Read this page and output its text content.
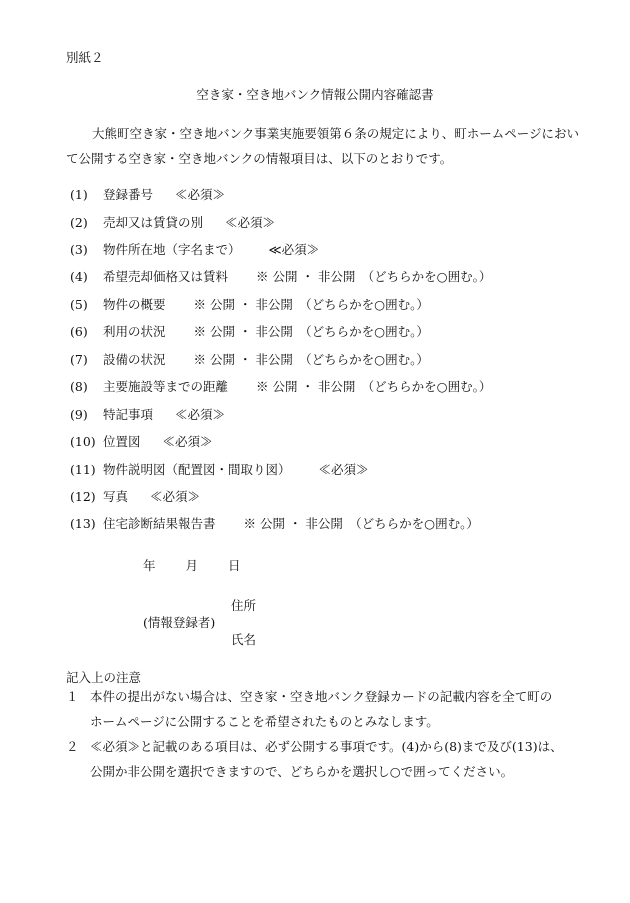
別紙２
空き家・空き地バンク情報公開内容確認書
大熊町空き家・空き地バンク事業実施要領第６条の規定により、町ホームページにおいて公開する空き家・空き地バンクの情報項目は、以下のとおりです。
(1) 登録番号 ≪必須≫
(2) 売却又は賃貸の別 ≪必須≫
(3) 物件所在地（字名まで） ≪必須≫
(4) 希望売却価格又は賃料 ※ 公開 ・ 非公開　（どちらかを○囲む。）
(5) 物件の概要 ※ 公開 ・ 非公開　（どちらかを○囲む。）
(6) 利用の状況 ※ 公開 ・ 非公開　（どちらかを○囲む。）
(7) 設備の状況 ※ 公開 ・ 非公開　（どちらかを○囲む。）
(8) 主要施設等までの距離 ※ 公開 ・ 非公開　（どちらかを○囲む。）
(9) 特記事項 ≪必須≫
(10) 位置図 ≪必須≫
(11) 物件説明図（配置図・間取り図） ≪必須≫
(12) 写真 ≪必須≫
(13) 住宅診断結果報告書 ※ 公開 ・ 非公開　（どちらかを○囲む。）
年 月 日
住所
(情報登録者)
氏名
記入上の注意
１ 本件の提出がない場合は、空き家・空き地バンク登録カードの記載内容を全て町の
ホームページに公開することを希望されたものとみなします。
２ ≪必須≫と記載のある項目は、必ず公開する事項です。(4)から(8)まで及び(13)は、
公開か非公開を選択できますので、どちらかを選択し○で囲ってください。
